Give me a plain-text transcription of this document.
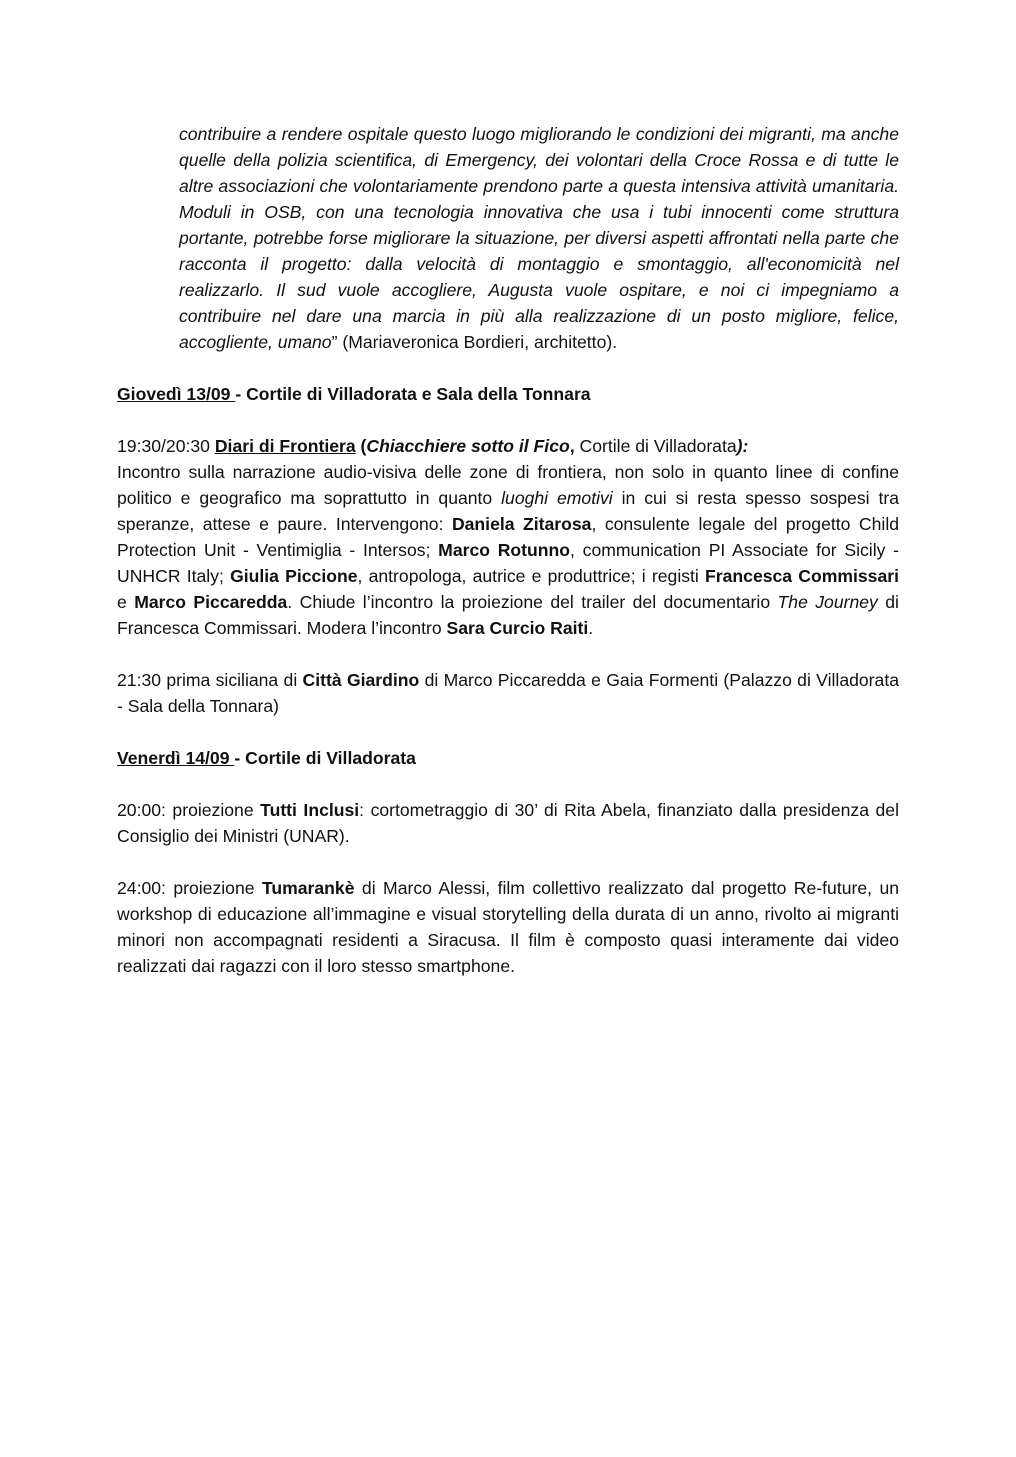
contribuire a rendere ospitale questo luogo migliorando le condizioni dei migranti, ma anche quelle della polizia scientifica, di Emergency, dei volontari della Croce Rossa e di tutte le altre associazioni che volontariamente prendono parte a questa intensiva attività umanitaria. Moduli in OSB, con una tecnologia innovativa che usa i tubi innocenti come struttura portante, potrebbe forse migliorare la situazione, per diversi aspetti affrontati nella parte che racconta il progetto: dalla velocità di montaggio e smontaggio, all'economicità nel realizzarlo. Il sud vuole accogliere, Augusta vuole ospitare, e noi ci impegniamo a contribuire nel dare una marcia in più alla realizzazione di un posto migliore, felice, accogliente, umano” (Mariaveronica Bordieri, architetto).

Giovedì 13/09 - Cortile di Villadorata e Sala della Tonnara

19:30/20:30 Diari di Frontiera (Chiacchiere sotto il Fico, Cortile di Villadorata):
Incontro sulla narrazione audio-visiva delle zone di frontiera, non solo in quanto linee di confine politico e geografico ma soprattutto in quanto luoghi emotivi in cui si resta spesso sospesi tra speranze, attese e paure. Intervengono: Daniela Zitarosa, consulente legale del progetto Child Protection Unit - Ventimiglia - Intersos; Marco Rotunno, communication PI Associate for Sicily - UNHCR Italy; Giulia Piccione, antropologa, autrice e produttrice; i registi Francesca Commissari e Marco Piccaredda. Chiude l’incontro la proiezione del trailer del documentario The Journey di Francesca Commissari. Modera l’incontro Sara Curcio Raiti.

21:30 prima siciliana di Città Giardino di Marco Piccaredda e Gaia Formenti (Palazzo di Villadorata - Sala della Tonnara)

Venerdì 14/09 - Cortile di Villadorata

20:00: proiezione Tutti Inclusi: cortometraggio di 30’ di Rita Abela, finanziato dalla presidenza del Consiglio dei Ministri (UNAR).

24:00: proiezione Tumarankè di Marco Alessi, film collettivo realizzato dal progetto Re-future, un workshop di educazione all’immagine e visual storytelling della durata di un anno, rivolto ai migranti minori non accompagnati residenti a Siracusa. Il film è composto quasi interamente dai video realizzati dai ragazzi con il loro stesso smartphone.
